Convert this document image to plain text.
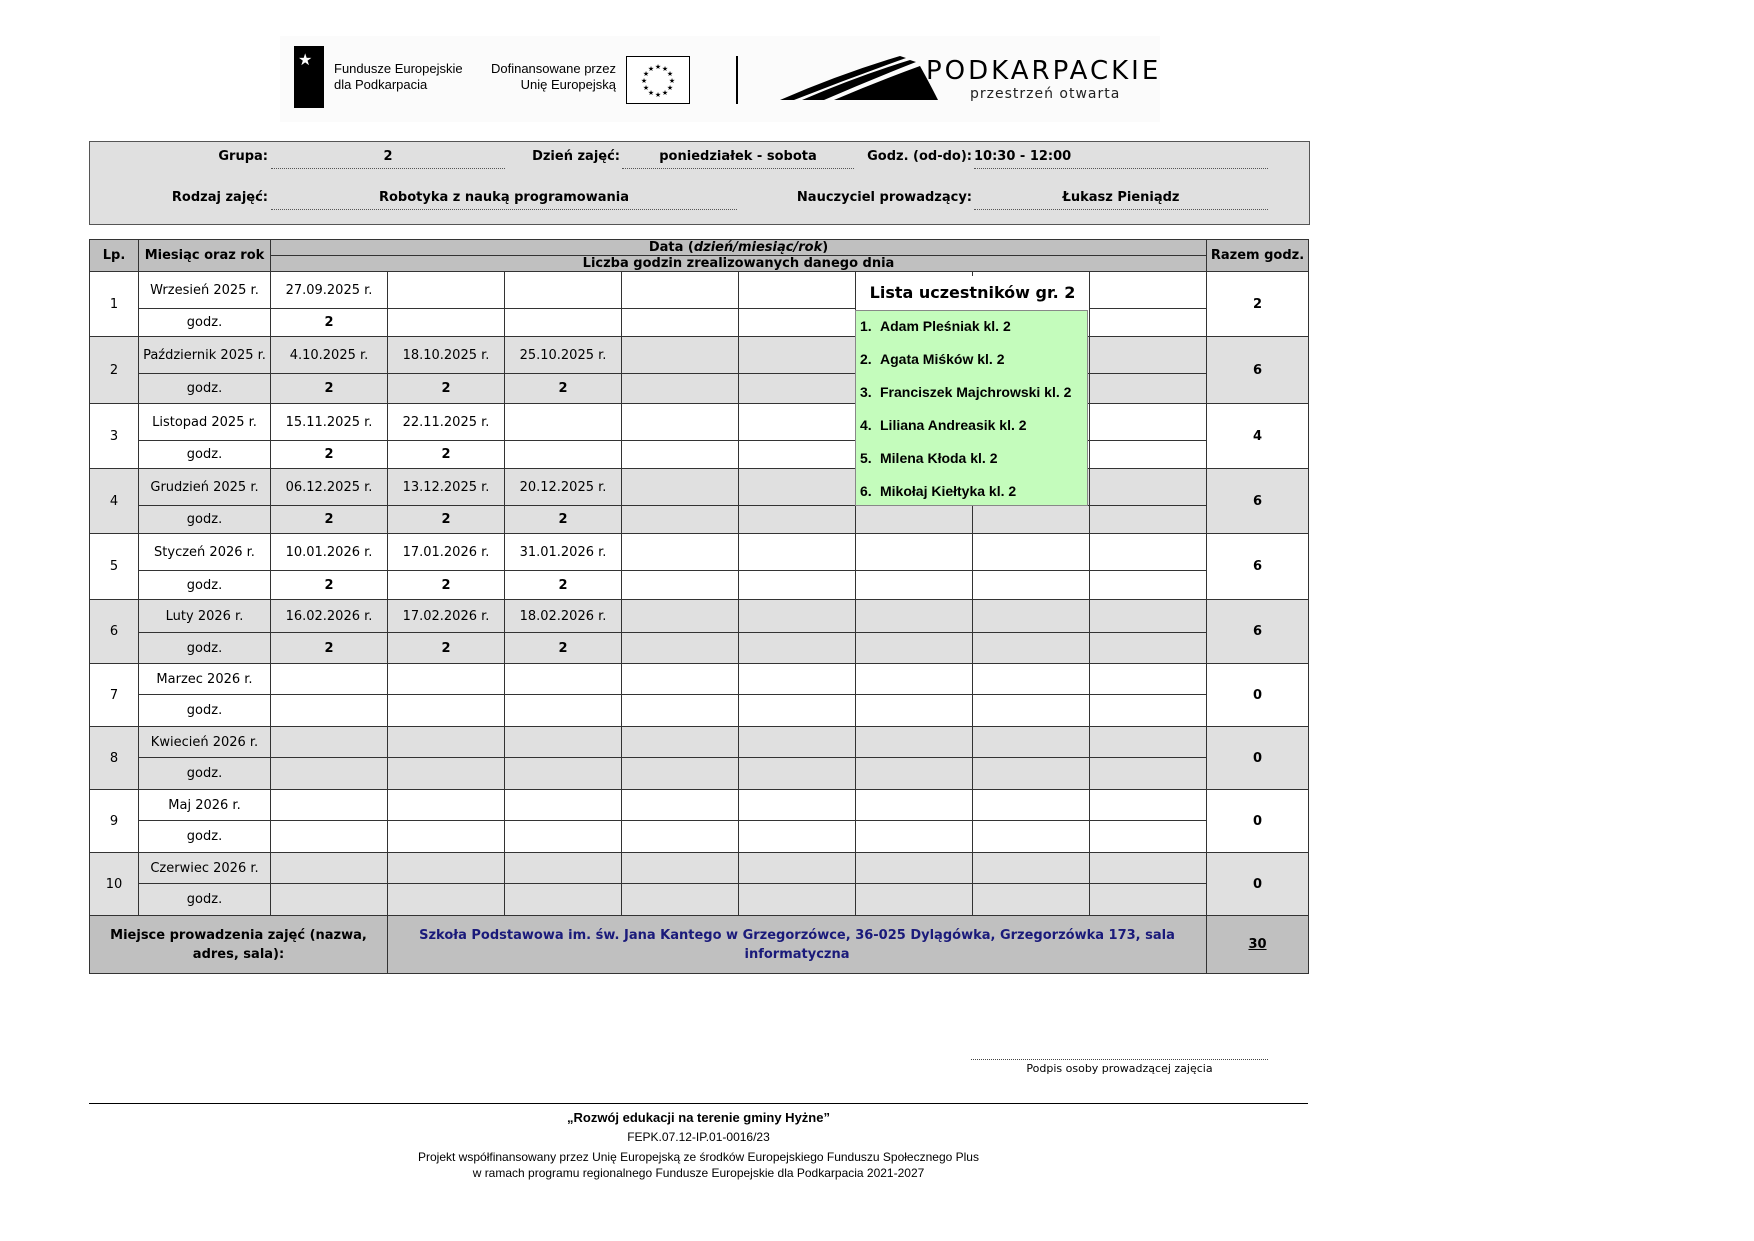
★ Fundusze Europejskie
dla Podkarpacia
Dofinansowane przez
Unię Europejską
★ ★
★
★
★
★
★
★
★
★
★
★	PODKARPACKIE
przestrzeń otwarta
Grupa:	2	Dzień zajęć:	poniedziałek - sobota	Godz. (od-do): 10:30 - 12:00
Rodzaj zajęć:	Robotyka z nauką programowania	Nauczyciel prowadzący:	Łukasz Pieniądz
Lp.	Miesiąc oraz rok	Data (dzień/miesiąc/rok)								Razem godz.
		Liczba godzin zrealizowanych danego dnia								
1	Wrzesień 2025 r.	27.09.2025 r.								2
	godz.	2								
2	Październik 2025 r.	4.10.2025 r.	18.10.2025 r.	25.10.2025 r.						6
	godz.	2	2	2						
3	Listopad 2025 r.	15.11.2025 r.	22.11.2025 r.							4
	godz.	2	2							
4	Grudzień 2025 r.	06.12.2025 r.	13.12.2025 r.	20.12.2025 r.						6
	godz.	2	2	2						
5	Styczeń 2026 r.	10.01.2026 r.	17.01.2026 r.	31.01.2026 r.						6
	godz.	2	2	2						
6	Luty 2026 r.	16.02.2026 r.	17.02.2026 r.	18.02.2026 r.						6
	godz.	2	2	2						
7	Marzec 2026 r.									0
	godz.									
8	Kwiecień 2026 r.									0
	godz.									
9	Maj 2026 r.									0
	godz.									
10	Czerwiec 2026 r.									0
	godz.									
Miejsce prowadzenia zajęć (nazwa, adres, sala):			Szkoła Podstawowa im. św. Jana Kantego w Grzegorzówce, 36-025 Dylągówka, Grzegorzówka 173, sala informatyczna							30
Lista uczestników gr. 2
1. Adam Pleśniak kl. 2
2. Agata Miśków kl. 2
3. Franciszek Majchrowski kl. 2
4. Liliana Andreasik kl. 2
5. Milena Kłoda kl. 2
6. Mikołaj Kiełtyka kl. 2
Podpis osoby prowadzącej zajęcia
„Rozwój edukacji na terenie gminy Hyżne”
FEPK.07.12-IP.01-0016/23
Projekt współfinansowany przez Unię Europejską ze środków Europejskiego Funduszu Społecznego Plus
w ramach programu regionalnego Fundusze Europejskie dla Podkarpacia 2021-2027
